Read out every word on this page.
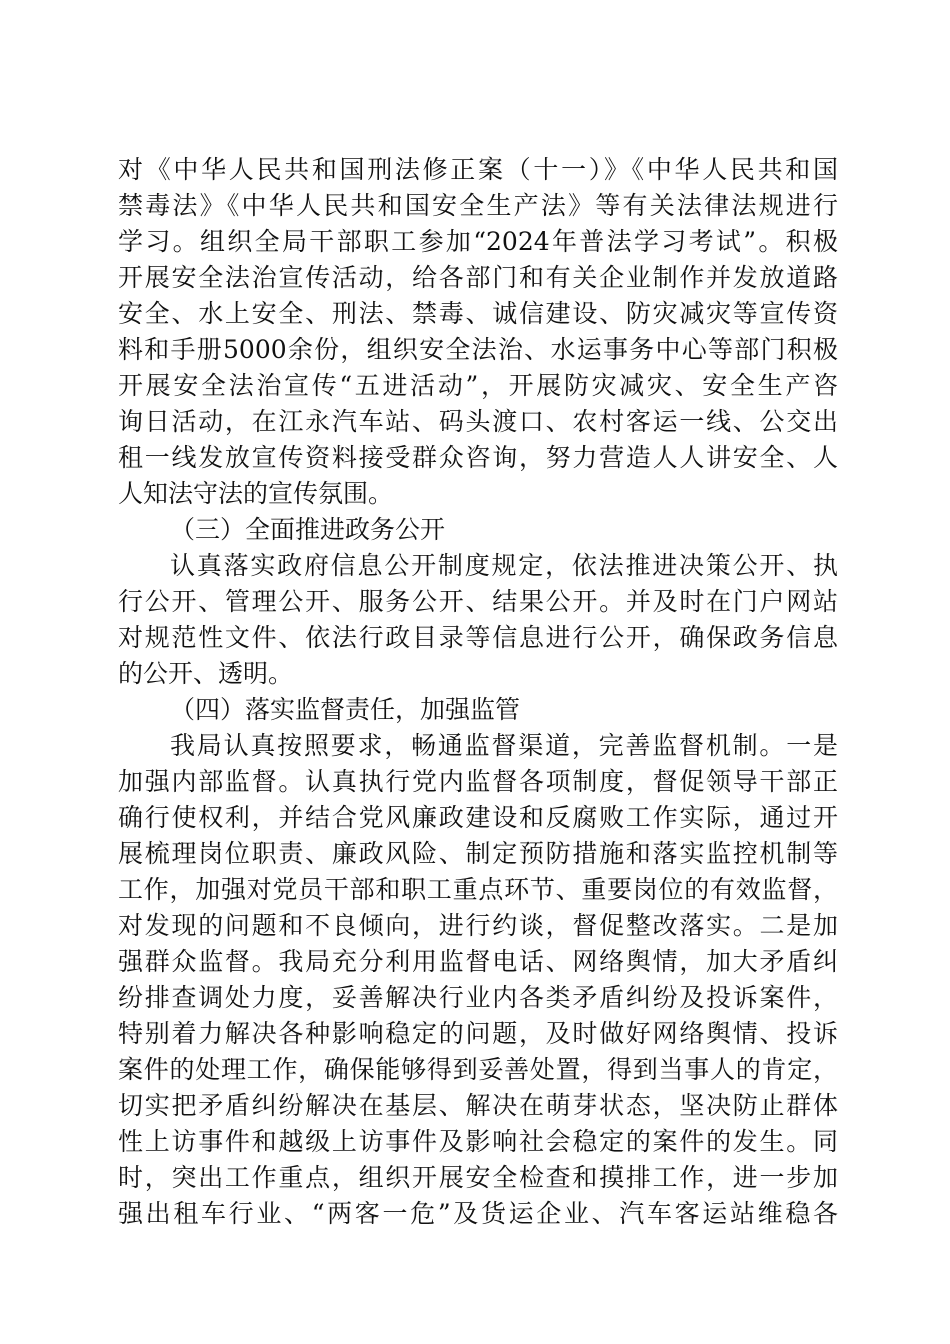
对《中华人民共和国刑法修正案（十一）》《中华人民共和国
禁毒法》《中华人民共和国安全生产法》等有关法律法规进行
学习。组织全局干部职工参加“2024年普法学习考试”。积极
开展安全法治宣传活动，给各部门和有关企业制作并发放道路
安全、水上安全、刑法、禁毒、诚信建设、防灾减灾等宣传资
料和手册5000余份，组织安全法治、水运事务中心等部门积极
开展安全法治宣传“五进活动”，开展防灾减灾、安全生产咨
询日活动，在江永汽车站、码头渡口、农村客运一线、公交出
租一线发放宣传资料接受群众咨询，努力营造人人讲安全、人
人知法守法的宣传氛围。
（三）全面推进政务公开
认真落实政府信息公开制度规定，依法推进决策公开、执
行公开、管理公开、服务公开、结果公开。并及时在门户网站
对规范性文件、依法行政目录等信息进行公开，确保政务信息
的公开、透明。
（四）落实监督责任，加强监管
我局认真按照要求，畅通监督渠道，完善监督机制。一是
加强内部监督。认真执行党内监督各项制度，督促领导干部正
确行使权利，并结合党风廉政建设和反腐败工作实际，通过开
展梳理岗位职责、廉政风险、制定预防措施和落实监控机制等
工作，加强对党员干部和职工重点环节、重要岗位的有效监督，
对发现的问题和不良倾向，进行约谈，督促整改落实。二是加
强群众监督。我局充分利用监督电话、网络舆情，加大矛盾纠
纷排查调处力度，妥善解决行业内各类矛盾纠纷及投诉案件，
特别着力解决各种影响稳定的问题，及时做好网络舆情、投诉
案件的处理工作，确保能够得到妥善处置，得到当事人的肯定，
切实把矛盾纠纷解决在基层、解决在萌芽状态，坚决防止群体
性上访事件和越级上访事件及影响社会稳定的案件的发生。同
时，突出工作重点，组织开展安全检查和摸排工作，进一步加
强出租车行业、“两客一危”及货运企业、汽车客运站维稳各
